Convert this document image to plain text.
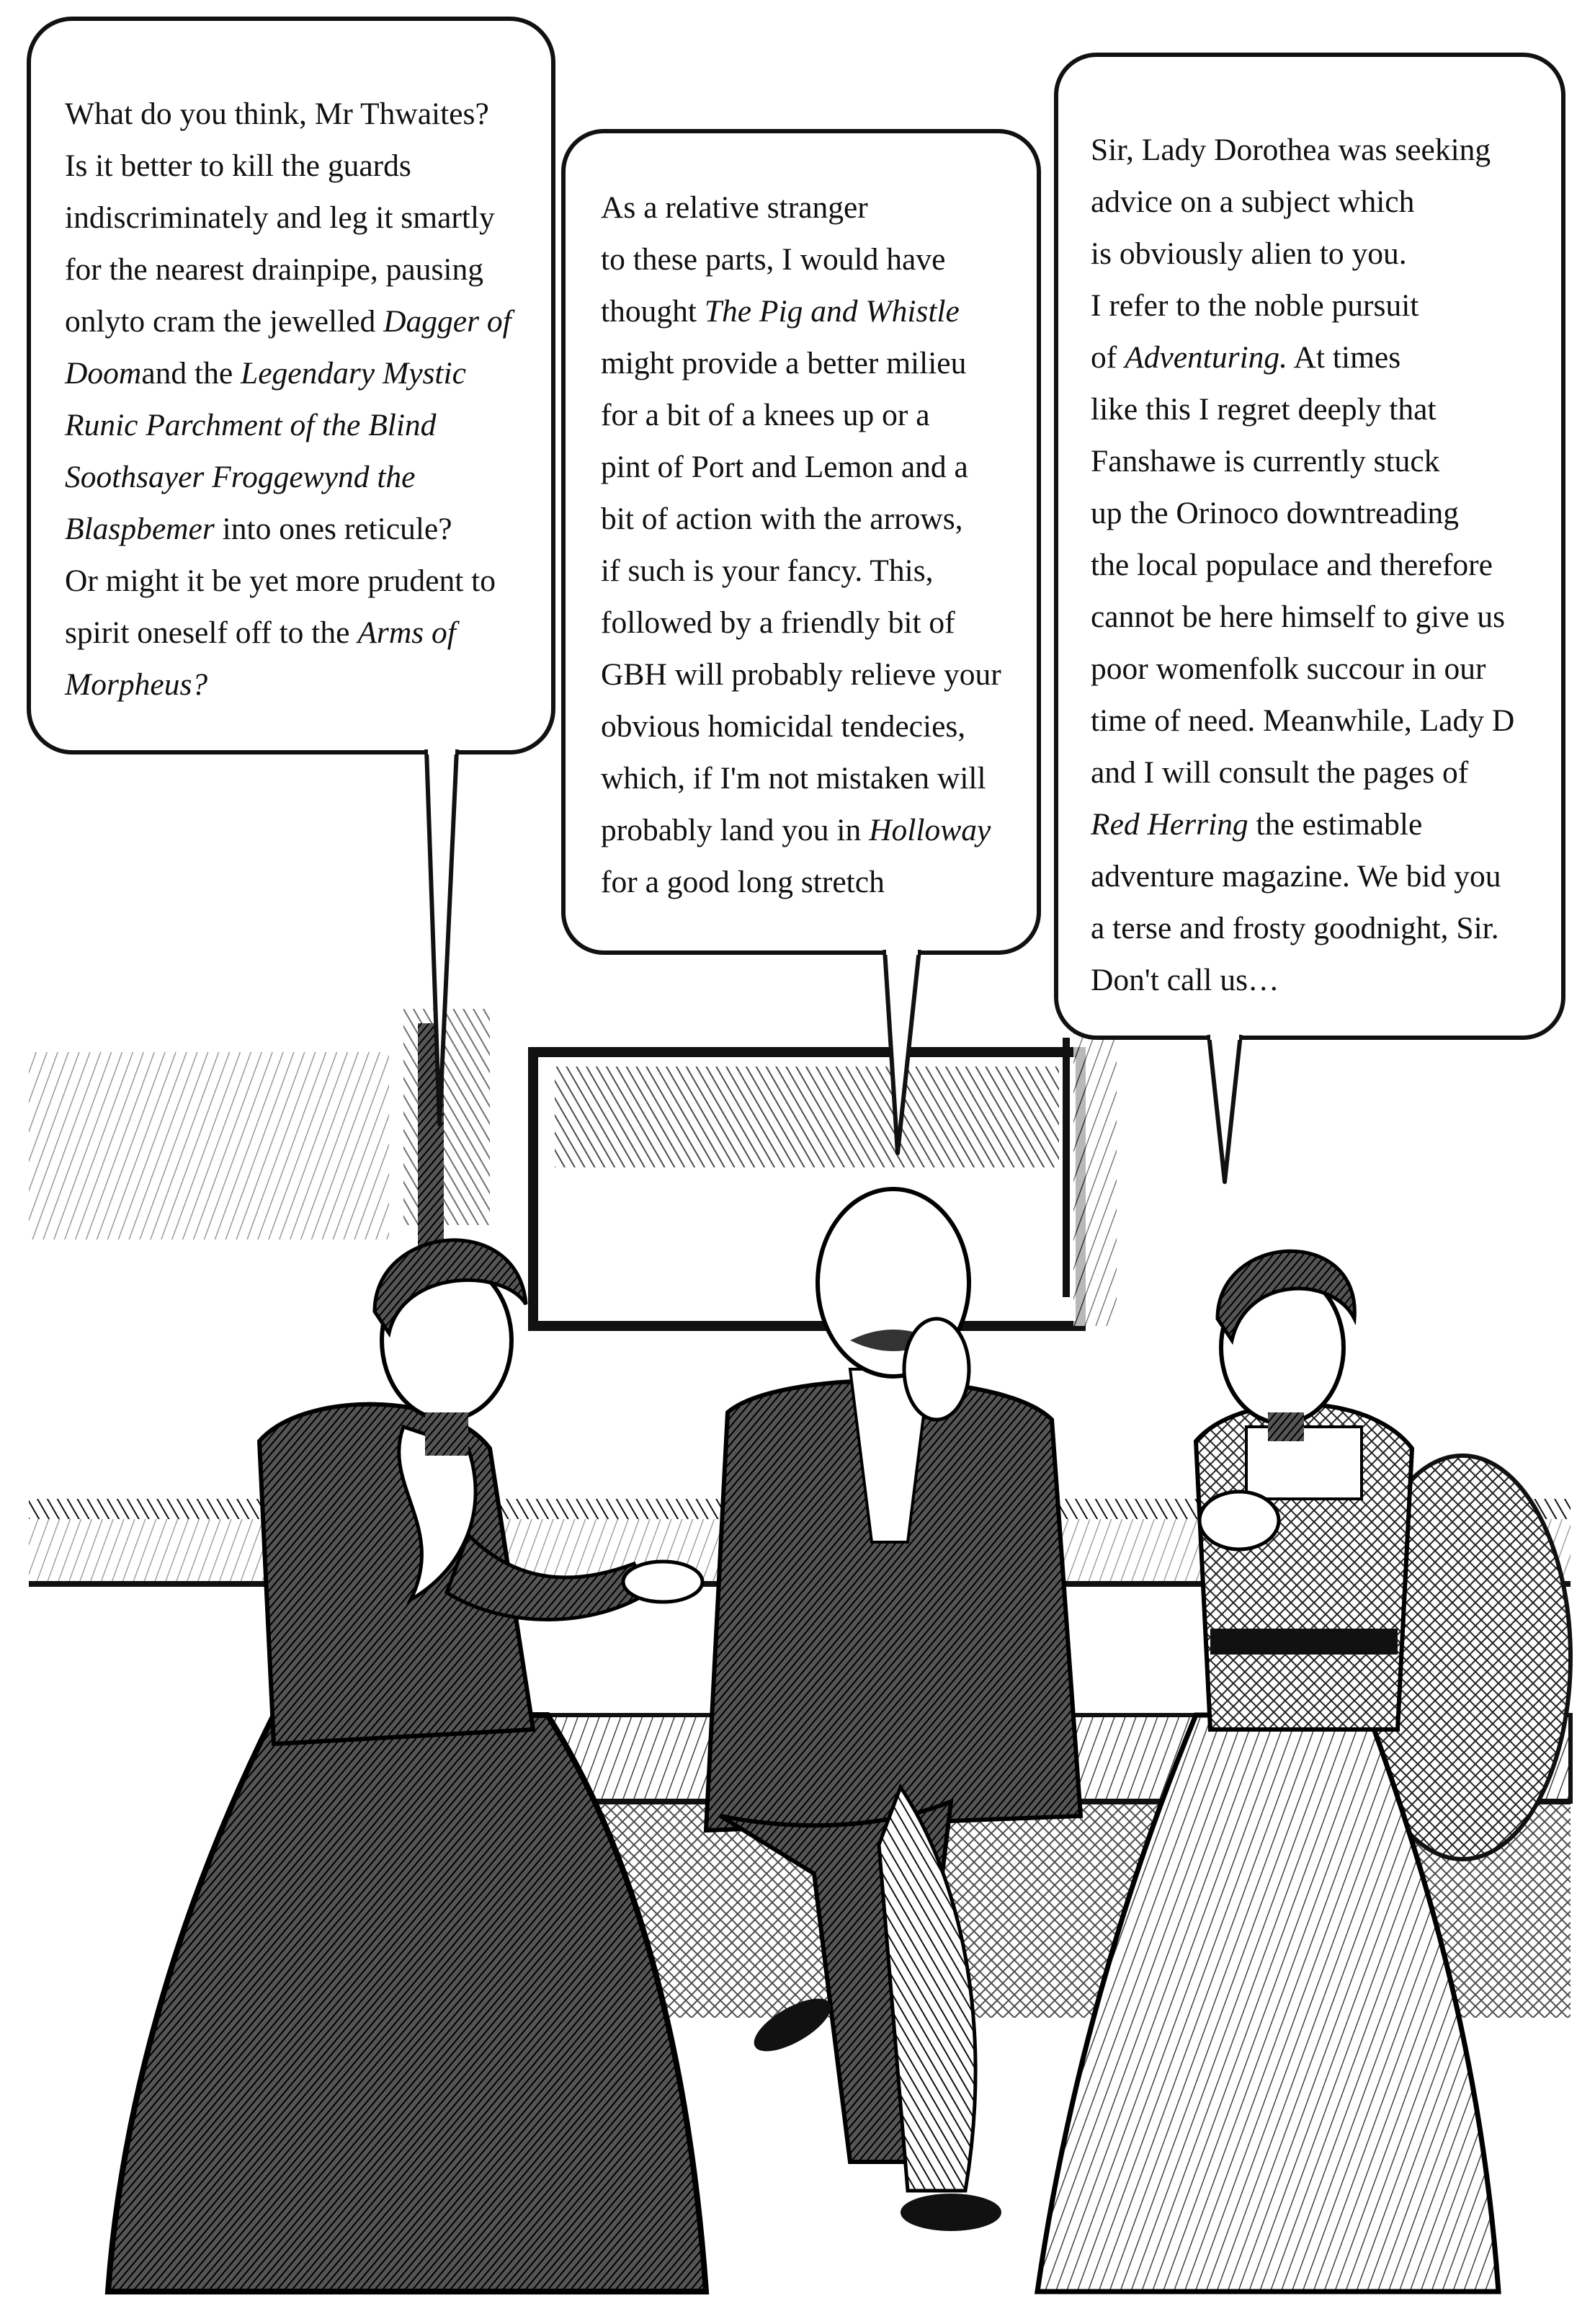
What do you think, Mr Thwaites?
Is it better to kill the guards
indiscriminately and leg it smartly
for the nearest drainpipe, pausing
onlyto cram the jewelled Dagger of
Doomand the Legendary Mystic
Runic Parchment of the Blind
Soothsayer Froggewynd the
Blaspbemer into ones reticule?
Or might it be yet more prudent to
spirit oneself off to the Arms of
Morpheus?
As a relative stranger
to these parts, I would have
thought The Pig and Whistle
might provide a better milieu
for a bit of a knees up or a
pint of Port and Lemon and a
bit of action with the arrows,
if such is your fancy. This,
followed by a friendly bit of
GBH will probably relieve your
obvious homicidal tendecies,
which, if I'm not mistaken will
probably land you in Holloway
for a good long stretch
Sir, Lady Dorothea was seeking
advice on a subject which
is obviously alien to you.
I refer to the noble pursuit
of Adventuring. At times
like this I regret deeply that
Fanshawe is currently stuck
up the Orinoco downtreading
the local populace and therefore
cannot be here himself to give us
poor womenfolk succour in our
time of need. Meanwhile, Lady D
and I will consult the pages of
Red Herring the estimable
adventure magazine. We bid you
a terse and frosty goodnight, Sir.
Don't call us…
